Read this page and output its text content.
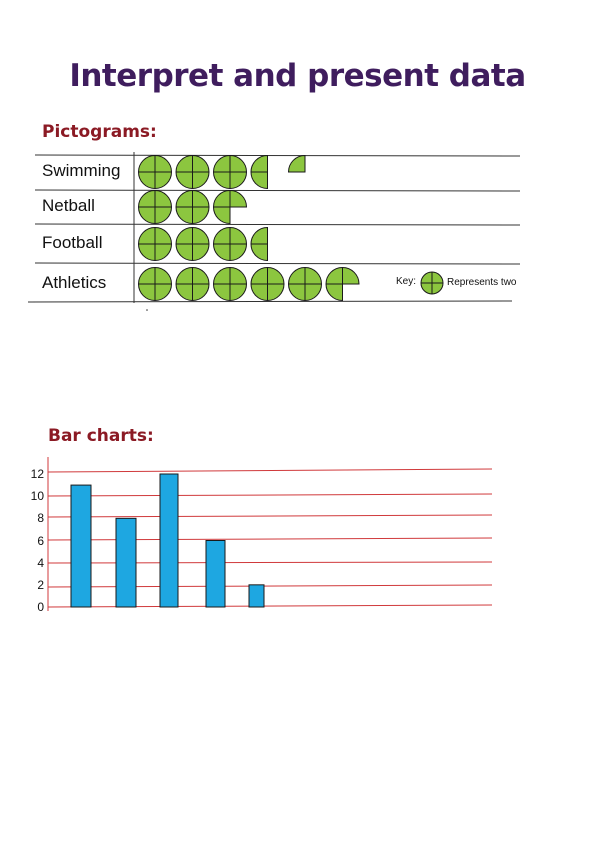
Interpret and present data
Pictograms:
Swimming
Netball
Football
Athletics	Key:	Represents two
Bar charts:
0
2
4
6
8
10
12
